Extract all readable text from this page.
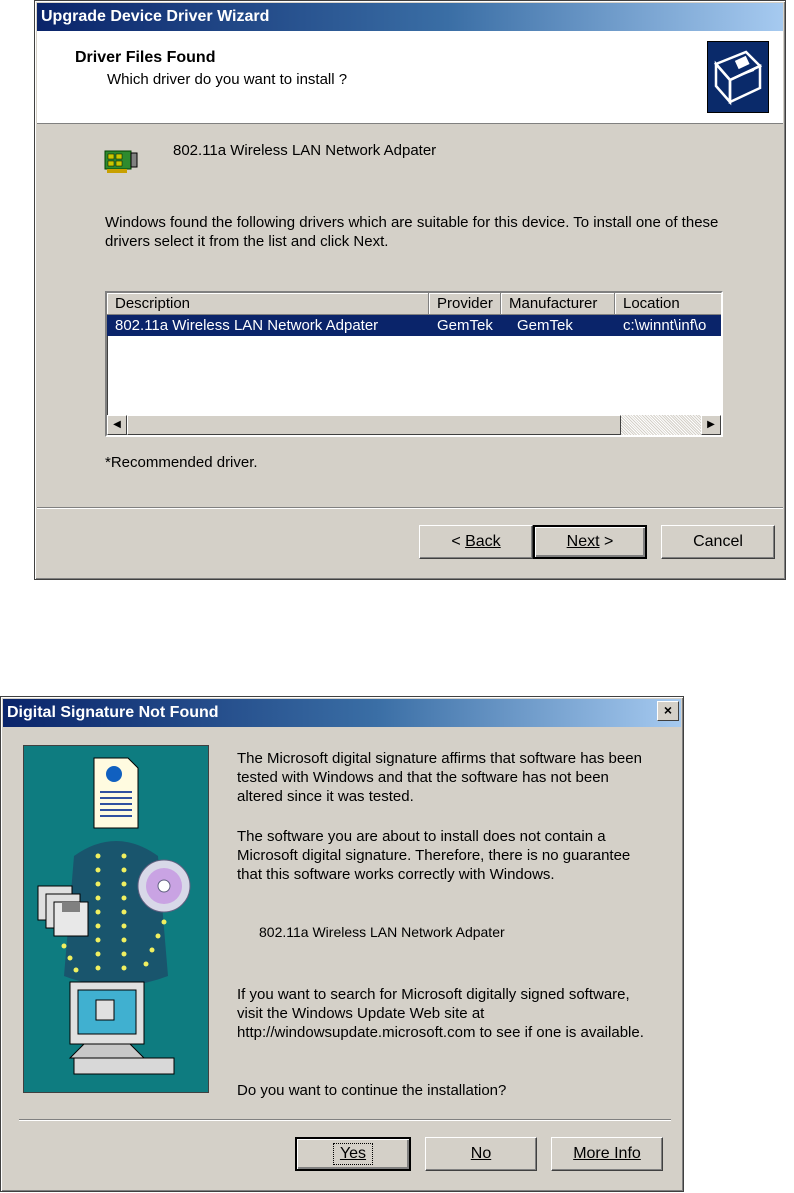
Upgrade Device Driver Wizard
Driver Files Found
Which driver do you want to install ?
802.11a Wireless LAN Network Adpater
Windows found the following drivers which are suitable for this device. To install one of these drivers select it from the list and click Next.
Description	Provider	Manufacturer	Location
802.11a Wireless LAN Network Adpater	GemTek	GemTek	c:\winnt\inf\o
◀	▶
*Recommended driver.
< Back	Next >	Cancel
Digital Signature Not Found	×
The Microsoft digital signature affirms that software has been tested with Windows and that the software has not been altered since it was tested.
The software you are about to install does not contain a Microsoft digital signature. Therefore, there is no guarantee that this software works correctly with Windows.
802.11a Wireless LAN Network Adpater
If you want to search for Microsoft digitally signed software, visit the Windows Update Web site at http://windowsupdate.microsoft.com to see if one is available.
Do you want to continue the installation?
Yes	No	More Info
